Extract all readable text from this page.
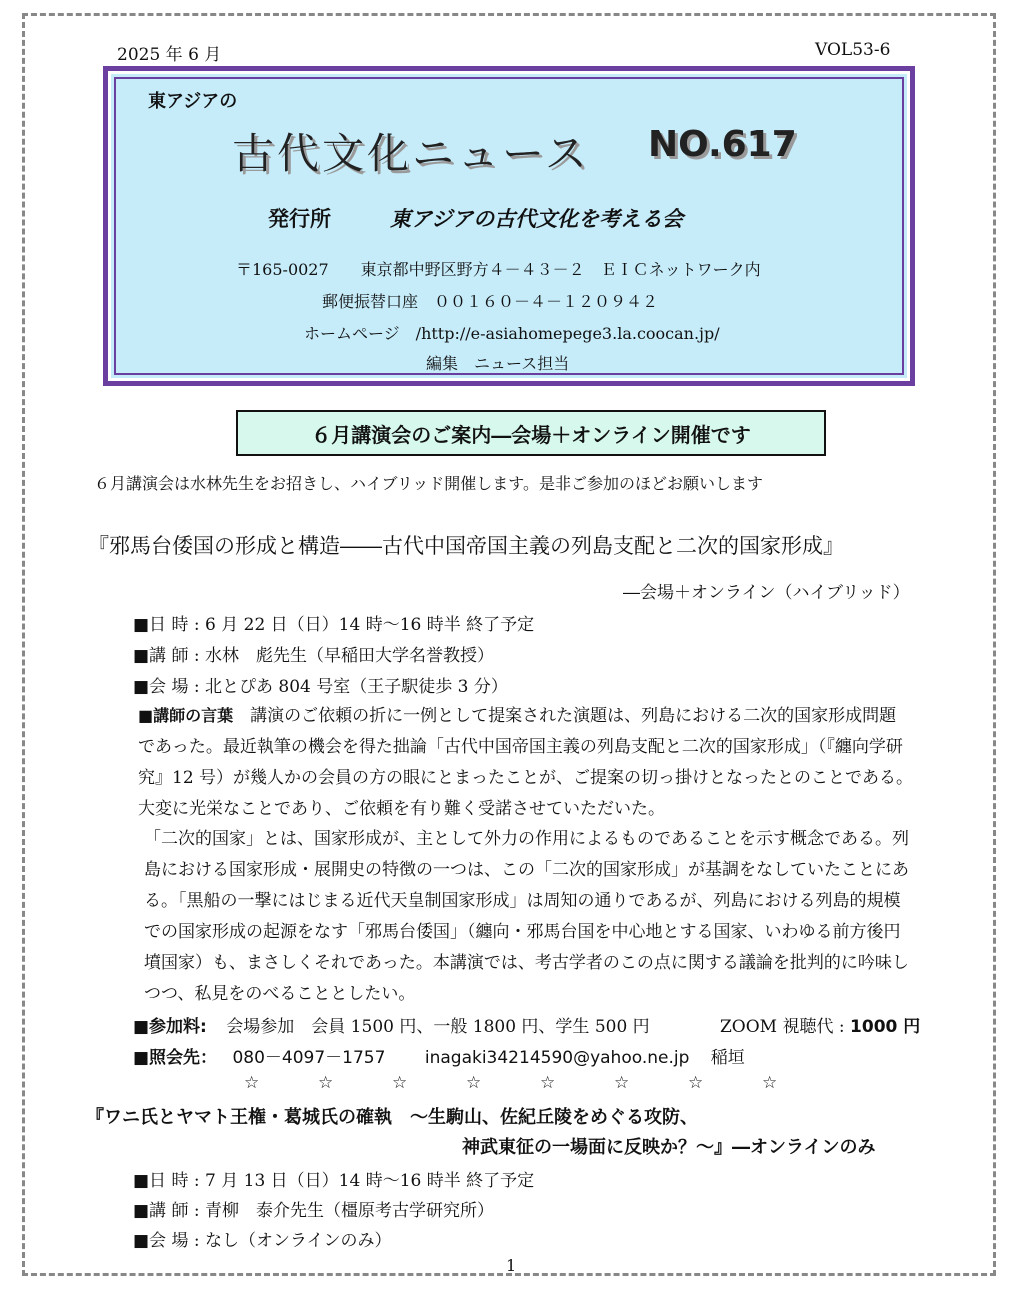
2025 年 6 月	VOL53-6
東アジアの
古代文化ニュース NO.617
発行所	東アジアの古代文化を考える会
〒165-0027　　東京都中野区野方４－４３－２　ＥＩＣネットワーク内
郵便振替口座　００１６０－４－１２０９４２
ホームページ　/http://e-asiahomepege3.la.coocan.jp/
編集　ニュース担当
６月講演会のご案内―会場＋オンライン開催です
６月講演会は水林先生をお招きし、ハイブリッド開催します。是非ご参加のほどお願いします
『邪馬台倭国の形成と構造――古代中国帝国主義の列島支配と二次的国家形成』
―会場＋オンライン（ハイブリッド）
■日 時 : 6 月 22 日（日）14 時～16 時半 終了予定
■講 師 : 水林　彪先生（早稲田大学名誉教授）
■会 場 : 北とぴあ 804 号室（王子駅徒歩 3 分）
■講師の言葉　 講演のご依頼の折に一例として提案された演題は、列島における二次的国家形成問題
であった。最近執筆の機会を得た拙論「古代中国帝国主義の列島支配と二次的国家形成」（『纏向学研
究』12 号）が幾人かの会員の方の眼にとまったことが、ご提案の切っ掛けとなったとのことである。
大変に光栄なことであり、ご依頼を有り難く受諾させていただいた。
「二次的国家」とは、国家形成が、主として外力の作用によるものであることを示す概念である。列
島における国家形成・展開史の特徴の一つは、この「二次的国家形成」が基調をなしていたことにあ
る。「黒船の一撃にはじまる近代天皇制国家形成」は周知の通りであるが、列島における列島的規模
での国家形成の起源をなす「邪馬台倭国」（纏向・邪馬台国を中心地とする国家、いわゆる前方後円
墳国家）も、まさしくそれであった。本講演では、考古学者のこの点に関する議論を批判的に吟味し
つつ、私見をのべることとしたい。
■参加料: 会場参加　会員 1500 円、一般 1800 円、学生 500 円	ZOOM 視聴代 : 1000 円
■照会先： 080－4097－1757 inagaki34214590@yahoo.ne.jp 稲垣
☆	☆	☆	☆	☆	☆	☆	☆
『ワニ氏とヤマト王権・葛城氏の確執　～生駒山、佐紀丘陵をめぐる攻防、
神武東征の一場面に反映か？～』―オンラインのみ
■日 時 : 7 月 13 日（日）14 時～16 時半 終了予定
■講 師 : 青柳　泰介先生（橿原考古学研究所）
■会 場 : なし（オンラインのみ）
1
